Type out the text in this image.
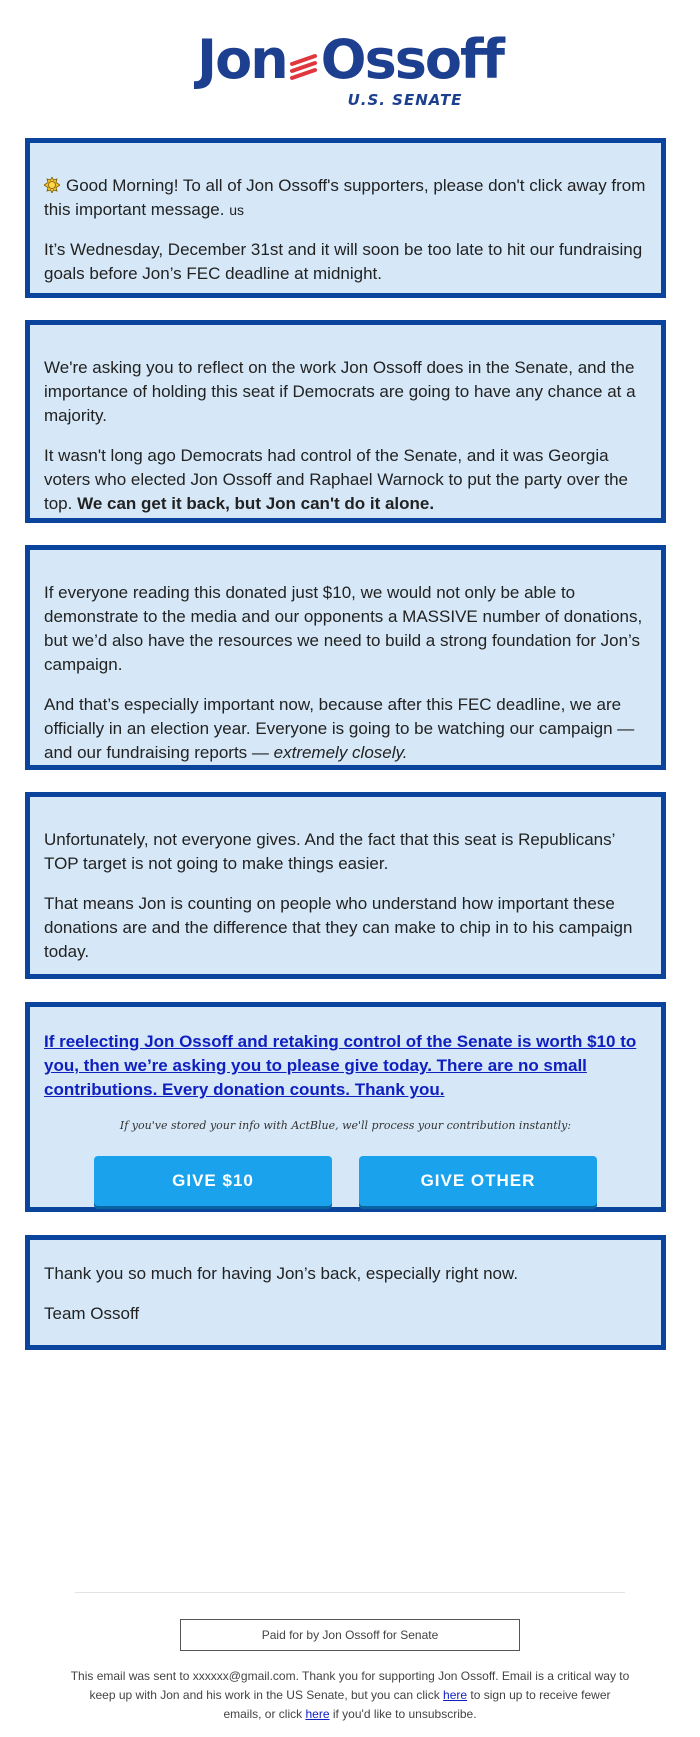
Jon Ossoff
U.S. SENATE

Good Morning! To all of Jon Ossoff's supporters, please don't click away from this important message. us

It’s Wednesday, December 31st and it will soon be too late to hit our fundraising goals before Jon’s FEC deadline at midnight.

We're asking you to reflect on the work Jon Ossoff does in the Senate, and the importance of holding this seat if Democrats are going to have any chance at a majority.

It wasn't long ago Democrats had control of the Senate, and it was Georgia voters who elected Jon Ossoff and Raphael Warnock to put the party over the top. We can get it back, but Jon can't do it alone.

If everyone reading this donated just $10, we would not only be able to demonstrate to the media and our opponents a MASSIVE number of donations, but we’d also have the resources we need to build a strong foundation for Jon’s campaign.

And that’s especially important now, because after this FEC deadline, we are officially in an election year. Everyone is going to be watching our campaign — and our fundraising reports — extremely closely.

Unfortunately, not everyone gives. And the fact that this seat is Republicans’ TOP target is not going to make things easier.

That means Jon is counting on people who understand how important these donations are and the difference that they can make to chip in to his campaign today.

If reelecting Jon Ossoff and retaking control of the Senate is worth $10 to you, then we’re asking you to please give today. There are no small contributions. Every donation counts. Thank you.
If you've stored your info with ActBlue, we'll process your contribution instantly:
GIVE $10	GIVE OTHER

Thank you so much for having Jon’s back, especially right now.

Team Ossoff

Paid for by Jon Ossoff for Senate
This email was sent to xxxxxx@gmail.com. Thank you for supporting Jon Ossoff. Email is a critical way to keep up with Jon and his work in the US Senate, but you can click here to sign up to receive fewer emails, or click here if you'd like to unsubscribe.
